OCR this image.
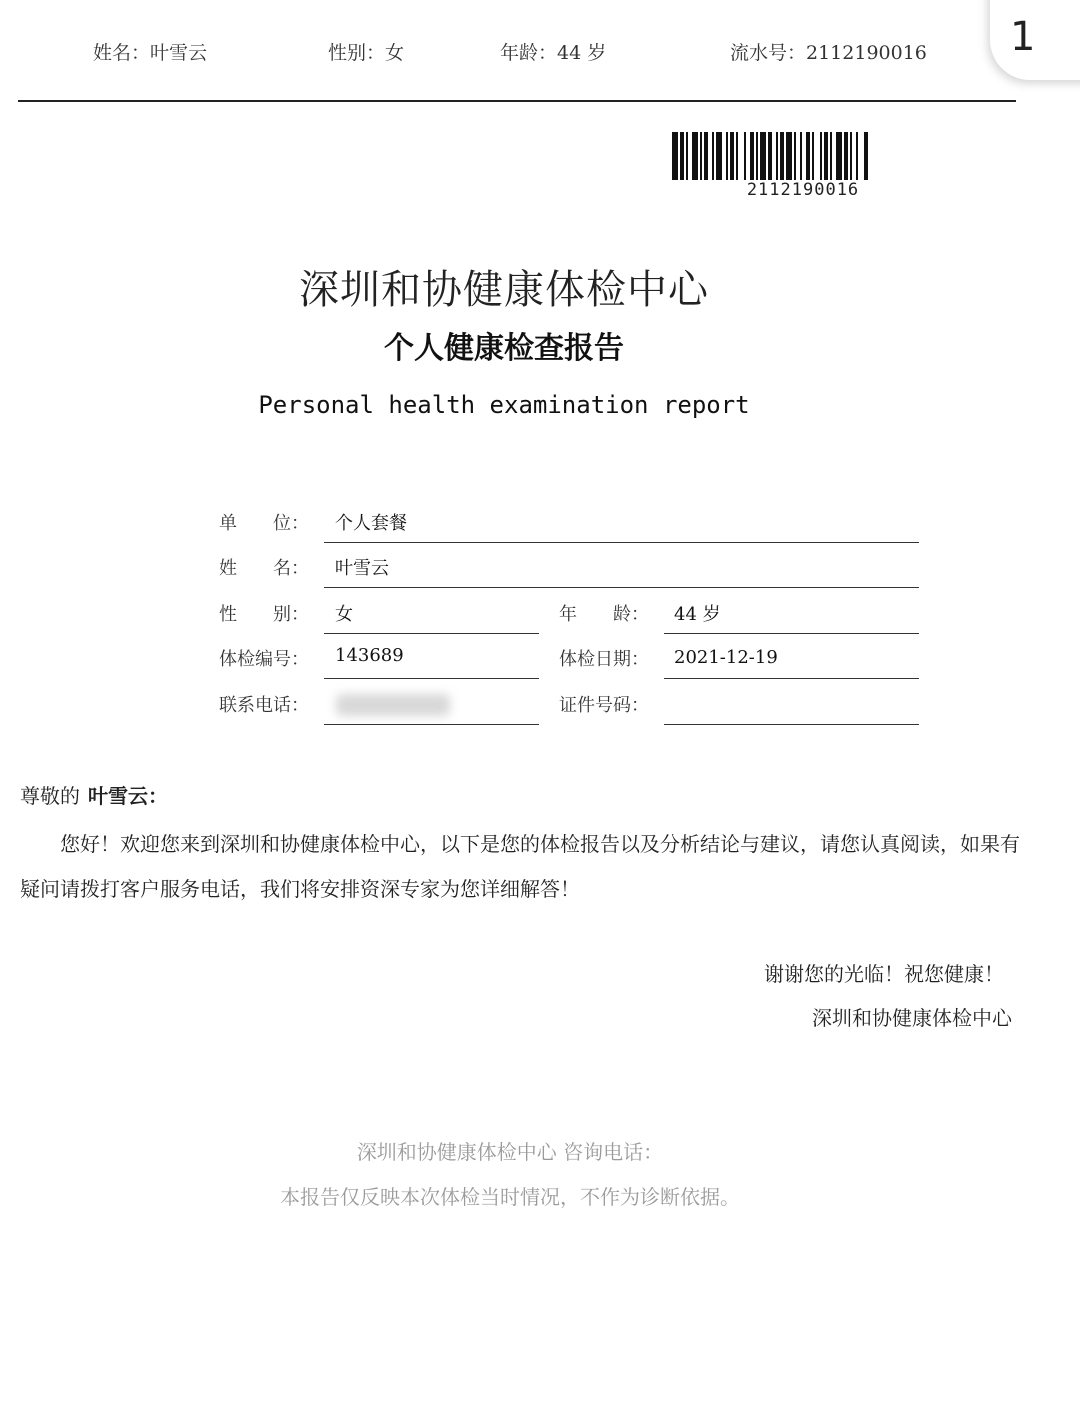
姓名：叶雪云	性别：女	年龄：44 岁	流水号：2112190016 1
2112190016
深圳和协健康体检中心
个人健康检查报告
Personal health examination report
单　　位： 个人套餐
姓　　名： 叶雪云
性　　别： 女	年　　龄： 44 岁
体检编号： 143689	体检日期： 2021-12-19
联系电话：	证件号码：
尊敬的 叶雪云：
您好！欢迎您来到深圳和协健康体检中心，以下是您的体检报告以及分析结论与建议，请您认真阅读，如果有疑问请拨打客户服务电话，我们将安排资深专家为您详细解答！
谢谢您的光临！祝您健康！
深圳和协健康体检中心
深圳和协健康体检中心 咨询电话：
本报告仅反映本次体检当时情况，不作为诊断依据。
